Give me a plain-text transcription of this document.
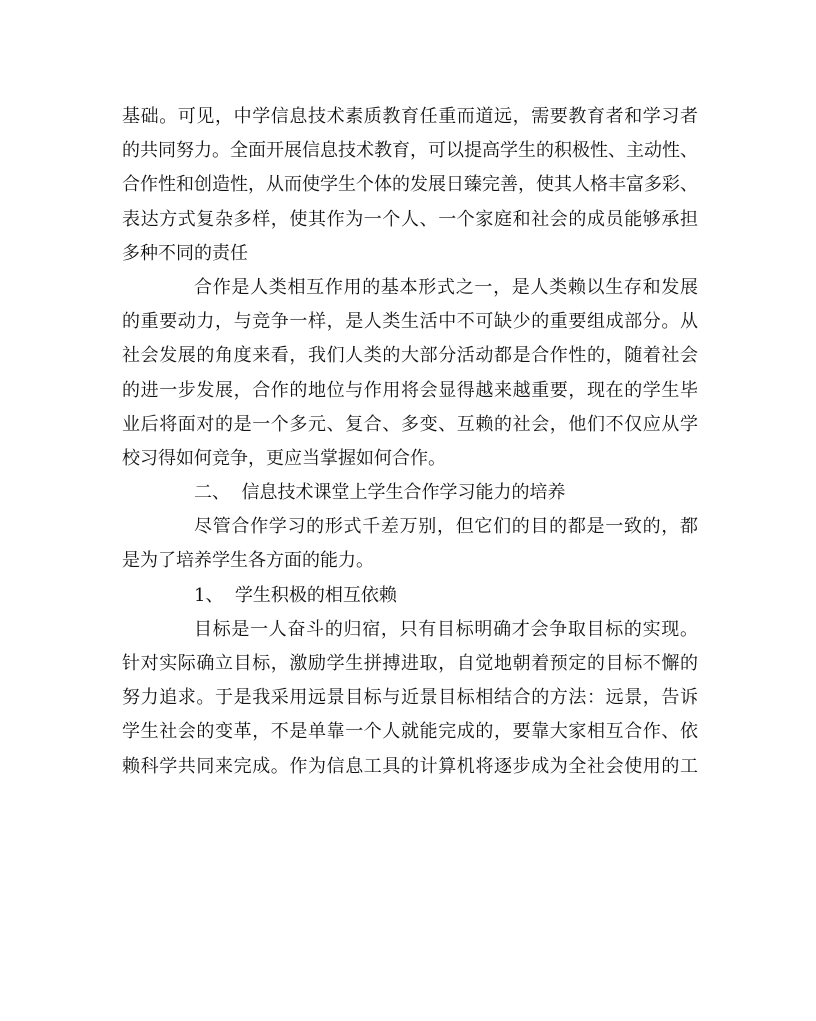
基础。可见，中学信息技术素质教育任重而道远，需要教育者和学习者
的共同努力。全面开展信息技术教育，可以提高学生的积极性、主动性、
合作性和创造性，从而使学生个体的发展日臻完善，使其人格丰富多彩、
表达方式复杂多样，使其作为一个人、一个家庭和社会的成员能够承担
多种不同的责任
合作是人类相互作用的基本形式之一，是人类赖以生存和发展
的重要动力，与竞争一样，是人类生活中不可缺少的重要组成部分。从
社会发展的角度来看，我们人类的大部分活动都是合作性的，随着社会
的进一步发展，合作的地位与作用将会显得越来越重要，现在的学生毕
业后将面对的是一个多元、复合、多变、互赖的社会，他们不仅应从学
校习得如何竞争，更应当掌握如何合作。
二、  信息技术课堂上学生合作学习能力的培养
尽管合作学习的形式千差万别，但它们的目的都是一致的，都
是为了培养学生各方面的能力。
1、  学生积极的相互依赖
目标是一人奋斗的归宿，只有目标明确才会争取目标的实现。
针对实际确立目标，激励学生拼搏进取，自觉地朝着预定的目标不懈的
努力追求。于是我采用远景目标与近景目标相结合的方法：远景，告诉
学生社会的变革，不是单靠一个人就能完成的，要靠大家相互合作、依
赖科学共同来完成。作为信息工具的计算机将逐步成为全社会使用的工
